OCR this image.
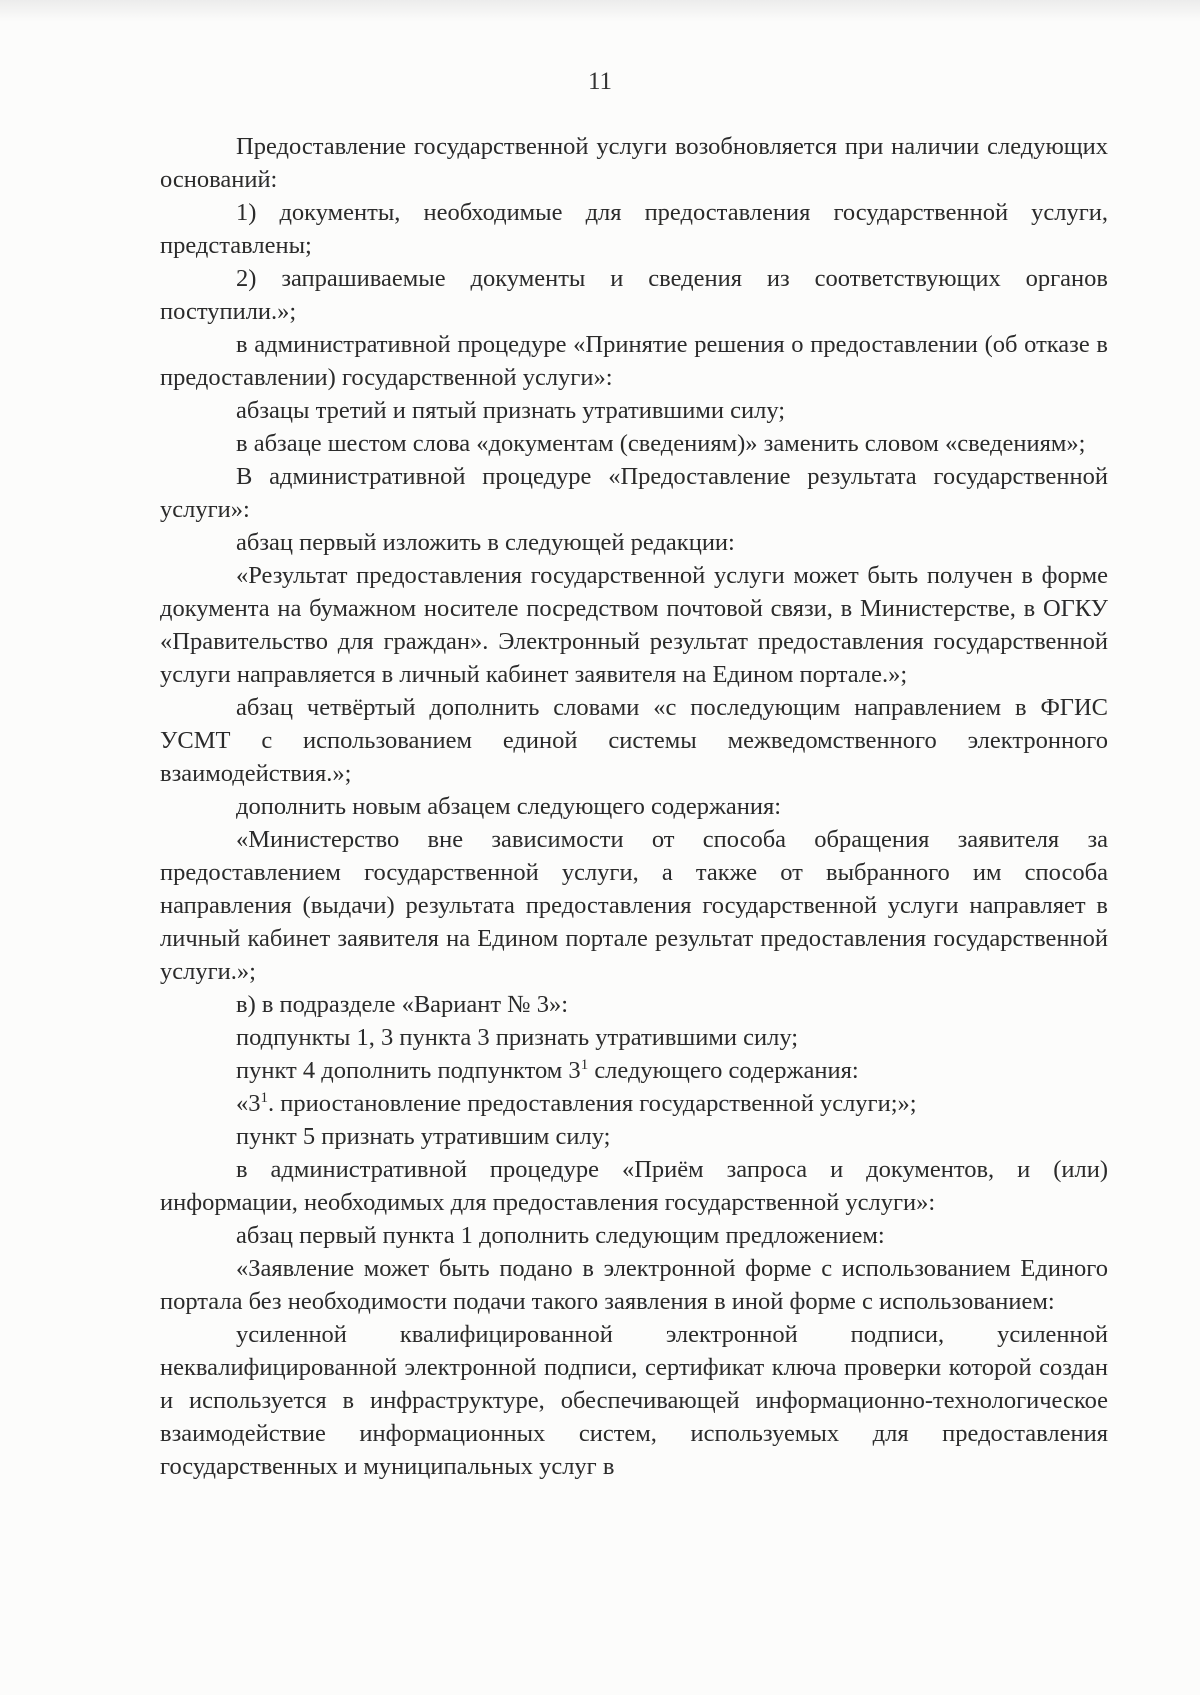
11

Предоставление государственной услуги возобновляется при наличии следующих оснований:

1) документы, необходимые для предоставления государственной услуги, представлены;

2) запрашиваемые документы и сведения из соответствующих органов поступили.»;

в административной процедуре «Принятие решения о предоставлении (об отказе в предоставлении) государственной услуги»:

абзацы третий и пятый признать утратившими силу;

в абзаце шестом слова «документам (сведениям)» заменить словом «сведениям»;

В административной процедуре «Предоставление результата государственной услуги»:

абзац первый изложить в следующей редакции:

«Результат предоставления государственной услуги может быть получен в форме документа на бумажном носителе посредством почтовой связи, в Министерстве, в ОГКУ «Правительство для граждан». Электронный результат предоставления государственной услуги направляется в личный кабинет заявителя на Едином портале.»;

абзац четвёртый дополнить словами «с последующим направлением в ФГИС УСМТ с использованием единой системы межведомственного электронного взаимодействия.»;

дополнить новым абзацем следующего содержания:

«Министерство вне зависимости от способа обращения заявителя за предоставлением государственной услуги, а также от выбранного им способа направления (выдачи) результата предоставления государственной услуги направляет в личный кабинет заявителя на Едином портале результат предоставления государственной услуги.»;

в) в подразделе «Вариант № 3»:

подпункты 1, 3 пункта 3 признать утратившими силу;

пункт 4 дополнить подпунктом $3^1$ следующего содержания:

«$3^1$. приостановление предоставления государственной услуги;»;

пункт 5 признать утратившим силу;

в административной процедуре «Приём запроса и документов, и (или) информации, необходимых для предоставления государственной услуги»:

абзац первый пункта 1 дополнить следующим предложением:

«Заявление может быть подано в электронной форме с использованием Единого портала без необходимости подачи такого заявления в иной форме с использованием:

усиленной квалифицированной электронной подписи, усиленной неквалифицированной электронной подписи, сертификат ключа проверки которой создан и используется в инфраструктуре, обеспечивающей информационно-технологическое взаимодействие информационных систем, используемых для предоставления государственных и муниципальных услуг в
